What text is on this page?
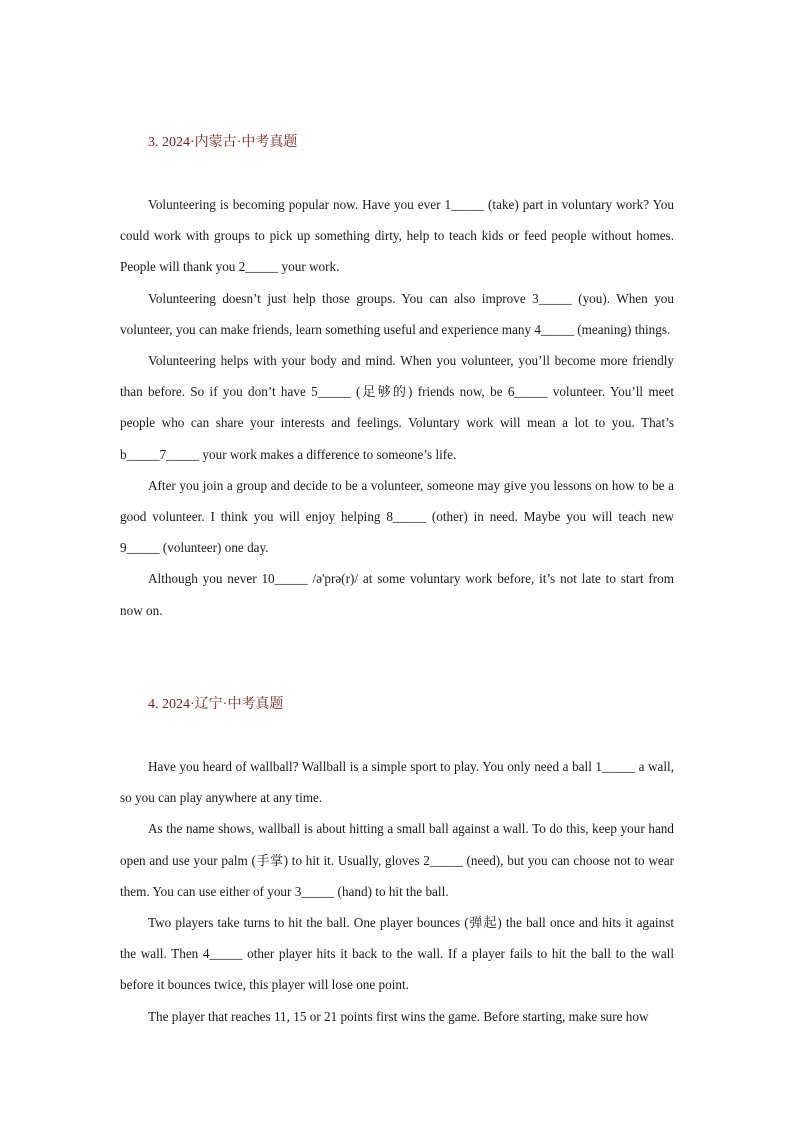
3. 2024·内蒙古·中考真题

Volunteering is becoming popular now. Have you ever 1_____ (take) part in voluntary work? You could work with groups to pick up something dirty, help to teach kids or feed people without homes. People will thank you 2_____ your work.

Volunteering doesn’t just help those groups. You can also improve 3_____ (you). When you volunteer, you can make friends, learn something useful and experience many 4_____ (meaning) things.

Volunteering helps with your body and mind. When you volunteer, you’ll become more friendly than before. So if you don’t have 5_____ (足够的) friends now, be 6_____ volunteer. You’ll meet people who can share your interests and feelings. Voluntary work will mean a lot to you. That’s b_____7_____ your work makes a difference to someone’s life.

After you join a group and decide to be a volunteer, someone may give you lessons on how to be a good volunteer. I think you will enjoy helping 8_____ (other) in need. Maybe you will teach new 9_____ (volunteer) one day.

Although you never 10_____ /ə'prə(r)/ at some voluntary work before, it’s not late to start from now on.

4. 2024·辽宁·中考真题

Have you heard of wallball? Wallball is a simple sport to play. You only need a ball 1_____ a wall, so you can play anywhere at any time.

As the name shows, wallball is about hitting a small ball against a wall. To do this, keep your hand open and use your palm (手掌) to hit it. Usually, gloves 2_____ (need), but you can choose not to wear them. You can use either of your 3_____ (hand) to hit the ball.

Two players take turns to hit the ball. One player bounces (弹起) the ball once and hits it against the wall. Then 4_____ other player hits it back to the wall. If a player fails to hit the ball to the wall before it bounces twice, this player will lose one point.

The player that reaches 11, 15 or 21 points first wins the game. Before starting, make sure how
